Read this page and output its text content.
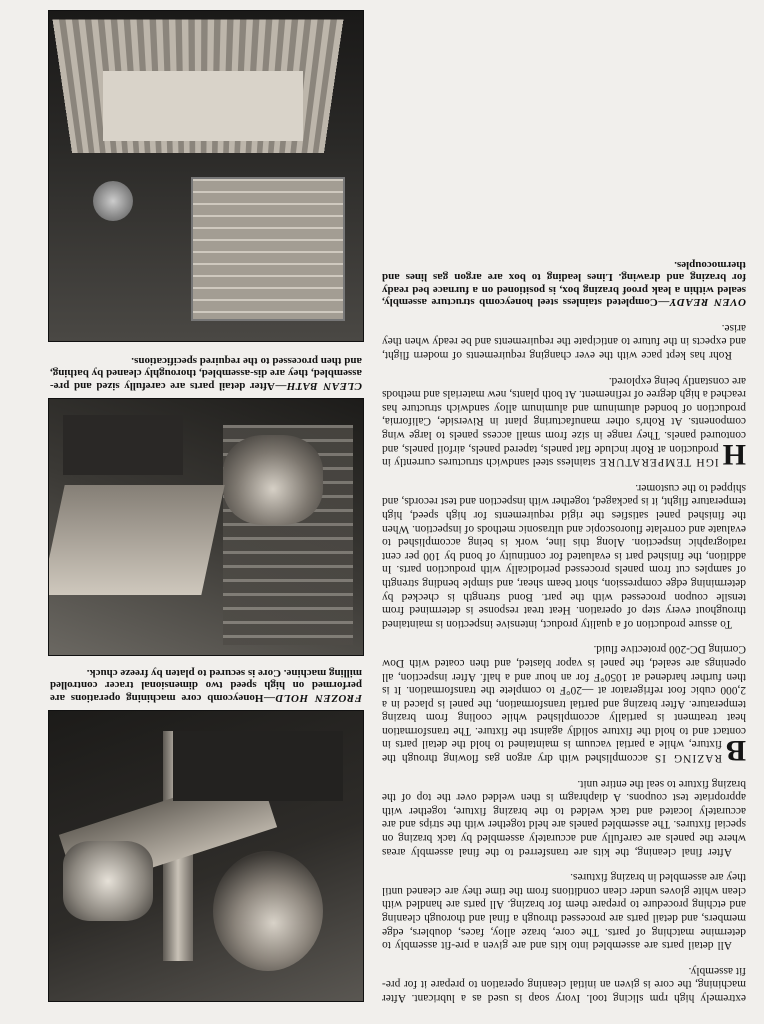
FROZEN HOLD—Honeycomb core machining operations are performed on high speed two dimensional tracer controlled milling machine. Core is secured to platen by freeze chuck.
CLEAN BATH—After detail parts are carefully sized and pre-assembled, they are dis-assembled, thoroughly cleaned by bathing, and then processed to the required specifications.

extremely high rpm slicing tool. Ivory soap is used as a lubricant. After machining, the core is given an initial cleaning operation to prepare it for pre-fit assembly.

All detail parts are assembled into kits and are given a pre-fit assembly to determine matching of parts. The core, braze alloy, faces, doublers, edge members, and detail parts are processed through a final and thorough cleaning and etching procedure to prepare them for brazing. All parts are handled with clean white gloves under clean conditions from the time they are cleaned until they are assembled in brazing fixtures.

After final cleaning, the kits are transferred to the final assembly areas where the panels are carefully and accurately assembled by tack brazing on special fixtures. The assembled panels are held together with the strips and are accurately located and tack welded to the brazing fixture, together with appropriate test coupons. A diaphragm is then welded over the top of the brazing fixture to seal the entire unit.

B
RAZING IS accomplished with dry argon gas flowing through the fixture, while a partial vacuum is maintained to hold the detail parts in contact and to hold the fixture solidly against the fixture. The transformation heat treatment is partially accomplished while cooling from brazing temperature. After brazing and partial transformation, the panel is placed in a 2,000 cubic foot refrigerator at —20°F to complete the transformation. It is then further hardened at 1050°F for an hour and a half. After inspection, all openings are sealed, the panel is vapor blasted, and then coated with Dow Corning DC-200 protective fluid.

To assure production of a quality product, intensive inspection is maintained throughout every step of operation. Heat treat response is determined from tensile coupon processed with the part. Bond strength is checked by determining edge compression, short beam shear, and simple bending strength of samples cut from panels processed periodically with production parts. In addition, the finished part is evaluated for continuity of bond by 100 per cent radiographic inspection. Along this line, work is being accomplished to evaluate and correlate fluoroscopic and ultrasonic methods of inspection. When the finished panel satisfies the rigid requirements for high speed, high temperature flight, it is packaged, together with inspection and test records, and shipped to the customer.

H
IGH TEMPERATURE stainless steel sandwich structures currently in production at Rohr include flat panels, tapered panels, airfoil panels, and contoured panels. They range in size from small access panels to large wing components. At Rohr's other manufacturing plant in Riverside, California, production of bonded aluminum and aluminum alloy sandwich structure has reached a high degree of refinement. At both plants, new materials and methods are constantly being explored.

Rohr has kept pace with the ever changing requirements of modern flight, and expects in the future to anticipate the requirements and be ready when they arise.

OVEN READY—Completed stainless steel honeycomb structure assembly, sealed within a leak proof brazing box, is positioned on a furnace bed ready for brazing and drawing. Lines leading to box are argon gas lines and thermocouples.
